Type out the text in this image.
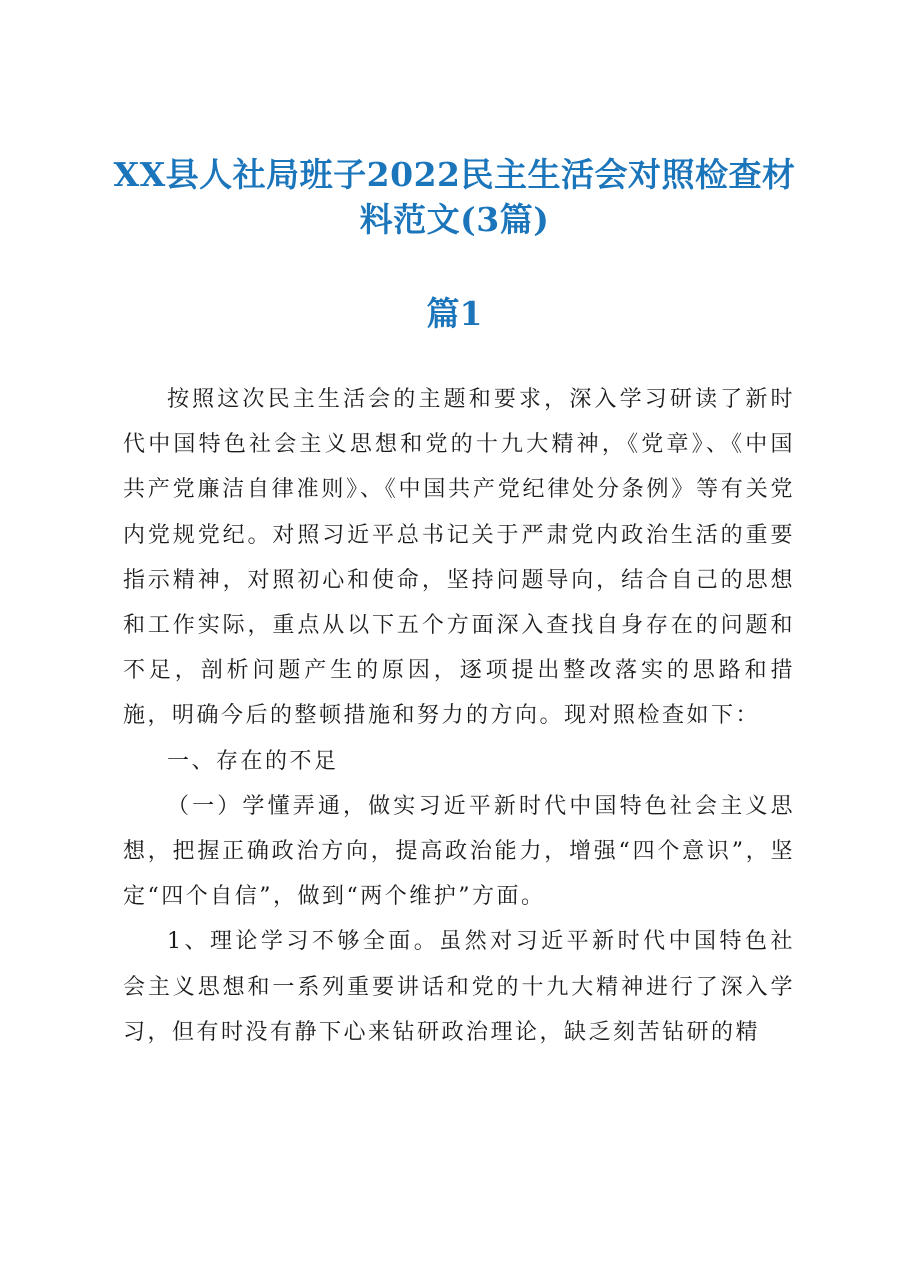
XX县人社局班子2022民主生活会对照检查材料范文(3篇)
篇1

按照这次民主生活会的主题和要求，深入学习研读了新时代中国特色社会主义思想和党的十九大精神，《党章》、《中国共产党廉洁自律准则》、《中国共产党纪律处分条例》等有关党内党规党纪。对照习近平总书记关于严肃党内政治生活的重要指示精神，对照初心和使命，坚持问题导向，结合自己的思想和工作实际，重点从以下五个方面深入查找自身存在的问题和不足，剖析问题产生的原因，逐项提出整改落实的思路和措施，明确今后的整顿措施和努力的方向。现对照检查如下：

一、存在的不足

（一）学懂弄通，做实习近平新时代中国特色社会主义思想，把握正确政治方向，提高政治能力，增强“四个意识”，坚定“四个自信”，做到“两个维护”方面。

1、理论学习不够全面。虽然对习近平新时代中国特色社会主义思想和一系列重要讲话和党的十九大精神进行了深入学习，但有时没有静下心来钻研政治理论，缺乏刻苦钻研的精
